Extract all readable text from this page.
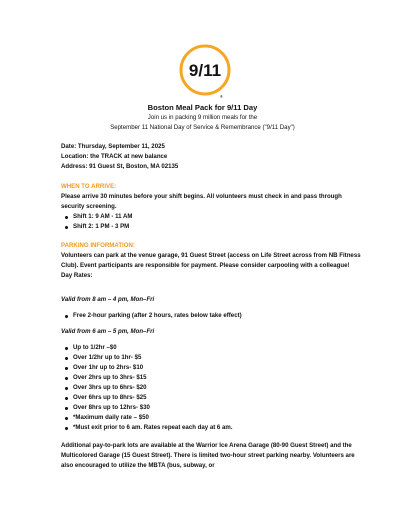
9/11
®
Boston Meal Pack for 9/11 Day
Join us in packing 9 million meals for the
September 11 National Day of Service & Remembrance ("9/11 Day")

Date: Thursday, September 11, 2025

Location: the TRACK at new balance

Address: 91 Guest St, Boston, MA 02135

WHEN TO ARRIVE:

Please arrive 30 minutes before your shift begins. All volunteers must check in and pass through security screening.

Shift 1: 9 AM - 11 AM
Shift 2: 1 PM - 3 PM

PARKING INFORMATION:

Volunteers can park at the venue garage, 91 Guest Street (access on Life Street across from NB Fitness Club). Event participants are responsible for payment. Please consider carpooling with a colleague!

Day Rates:

Valid from 8 am – 4 pm, Mon–Fri

Free 2-hour parking (after 2 hours, rates below take effect)

Valid from 6 am – 5 pm, Mon–Fri

Up to 1/2hr –$0
Over 1/2hr up to 1hr- $5
Over 1hr up to 2hrs- $10
Over 2hrs up to 3hrs- $15
Over 3hrs up to 6hrs- $20
Over 6hrs up to 8hrs- $25
Over 8hrs up to 12hrs- $30
*Maximum daily rate – $50
*Must exit prior to 6 am. Rates repeat each day at 6 am.

Additional pay-to-park lots are available at the Warrior Ice Arena Garage (80-90 Guest Street) and the Multicolored Garage (15 Guest Street). There is limited two-hour street parking nearby. Volunteers are also encouraged to utilize the MBTA (bus, subway, or
